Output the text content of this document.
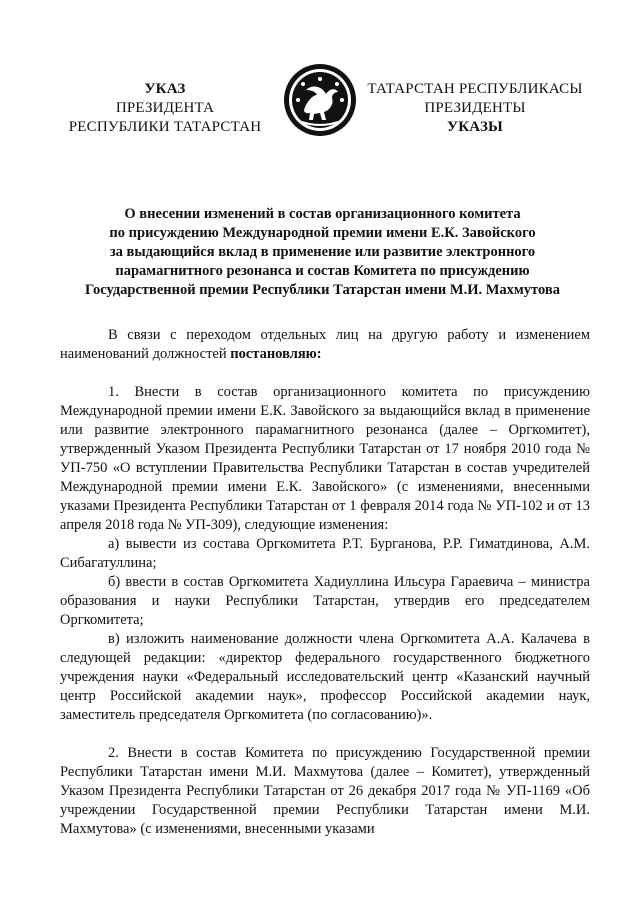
УКАЗ
ПРЕЗИДЕНТА
РЕСПУБЛИКИ ТАТАРСТАН
ТАТАРСТАН РЕСПУБЛИКАСЫ
ПРЕЗИДЕНТЫ
УКАЗЫ
О внесении изменений в состав организационного комитета
по присуждению Международной премии имени Е.К. Завойского
за выдающийся вклад в применение или развитие электронного
парамагнитного резонанса и состав Комитета по присуждению
Государственной премии Республики Татарстан имени М.И. Махмутова

В связи с переходом отдельных лиц на другую работу и изменением наименований должностей постановляю:

1. Внести в состав организационного комитета по присуждению Международной премии имени Е.К. Завойского за выдающийся вклад в применение или развитие электронного парамагнитного резонанса (далее – Оргкомитет), утвержденный Указом Президента Республики Татарстан от 17 ноября 2010 года № УП-750 «О вступлении Правительства Республики Татарстан в состав учредителей Международной премии имени Е.К. Завойского» (с изменениями, внесенными указами Президента Республики Татарстан от 1 февраля 2014 года № УП-102 и от 13 апреля 2018 года № УП-309), следующие изменения:

а) вывести из состава Оргкомитета Р.Т. Бурганова, Р.Р. Гиматдинова, А.М. Сибагатуллина;

б) ввести в состав Оргкомитета Хадиуллина Ильсура Гараевича – министра образования и науки Республики Татарстан, утвердив его председателем Оргкомитета;

в) изложить наименование должности члена Оргкомитета А.А. Калачева в следующей редакции: «директор федерального государственного бюджетного учреждения науки «Федеральный исследовательский центр «Казанский научный центр Российской академии наук», профессор Российской академии наук, заместитель председателя Оргкомитета (по согласованию)».

2. Внести в состав Комитета по присуждению Государственной премии Республики Татарстан имени М.И. Махмутова (далее – Комитет), утвержденный Указом Президента Республики Татарстан от 26 декабря 2017 года № УП-1169 «Об учреждении Государственной премии Республики Татарстан имени М.И. Махмутова» (с изменениями, внесенными указами
